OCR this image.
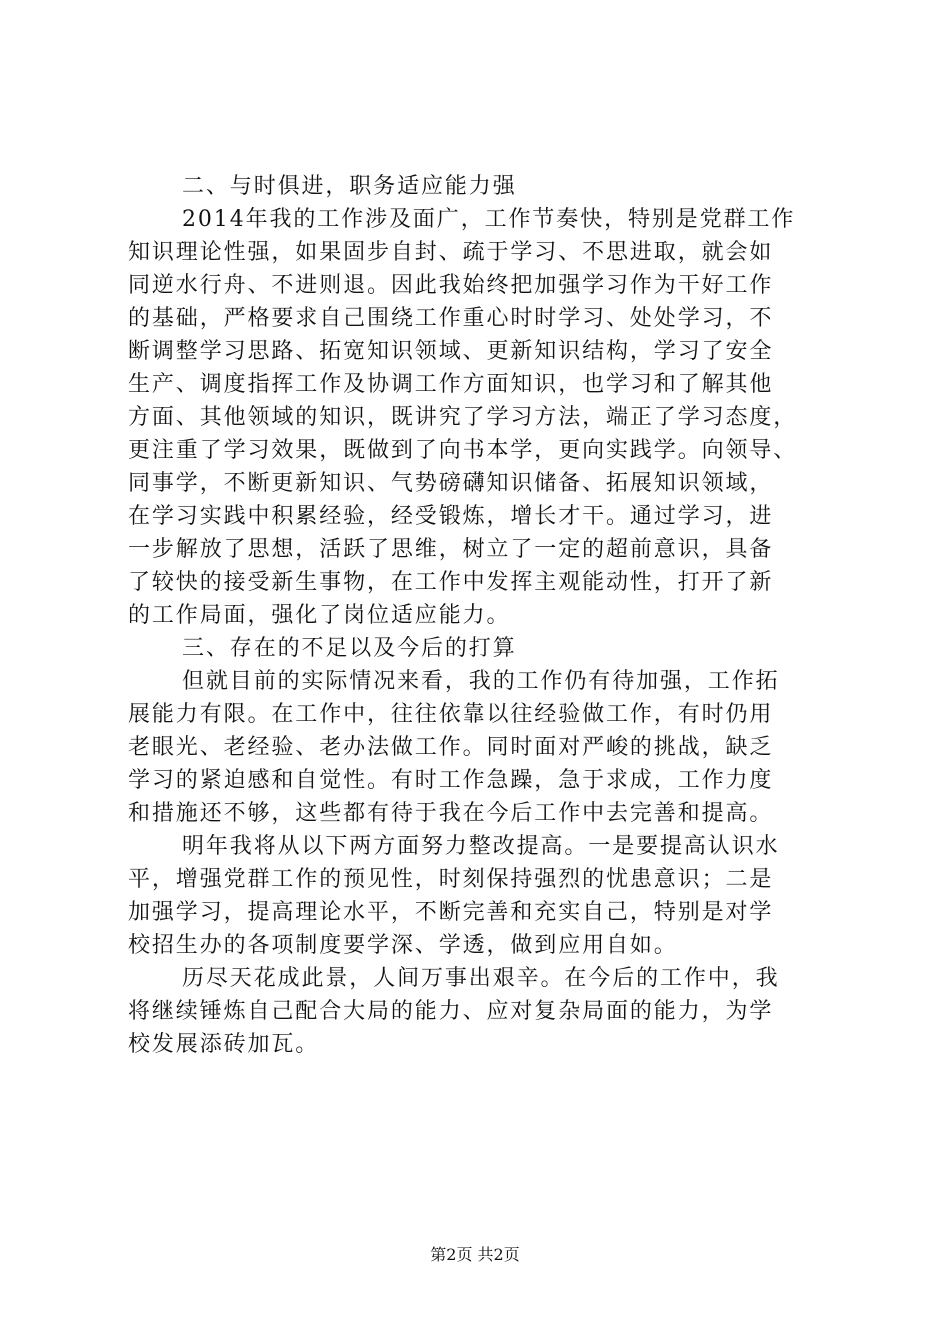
二、与时俱进，职务适应能力强
2014年我的工作涉及面广，工作节奏快，特别是党群工作
知识理论性强，如果固步自封、疏于学习、不思进取，就会如
同逆水行舟、不进则退。因此我始终把加强学习作为干好工作
的基础，严格要求自己围绕工作重心时时学习、处处学习，不
断调整学习思路、拓宽知识领域、更新知识结构，学习了安全
生产、调度指挥工作及协调工作方面知识，也学习和了解其他
方面、其他领域的知识，既讲究了学习方法，端正了学习态度，
更注重了学习效果，既做到了向书本学，更向实践学。向领导、
同事学，不断更新知识、气势磅礴知识储备、拓展知识领域，
在学习实践中积累经验，经受锻炼，增长才干。通过学习，进
一步解放了思想，活跃了思维，树立了一定的超前意识，具备
了较快的接受新生事物，在工作中发挥主观能动性，打开了新
的工作局面，强化了岗位适应能力。
三、存在的不足以及今后的打算
但就目前的实际情况来看，我的工作仍有待加强，工作拓
展能力有限。在工作中，往往依靠以往经验做工作，有时仍用
老眼光、老经验、老办法做工作。同时面对严峻的挑战，缺乏
学习的紧迫感和自觉性。有时工作急躁，急于求成，工作力度
和措施还不够，这些都有待于我在今后工作中去完善和提高。
明年我将从以下两方面努力整改提高。一是要提高认识水
平，增强党群工作的预见性，时刻保持强烈的忧患意识；二是
加强学习，提高理论水平，不断完善和充实自己，特别是对学
校招生办的各项制度要学深、学透，做到应用自如。
历尽天花成此景，人间万事出艰辛。在今后的工作中，我
将继续锤炼自己配合大局的能力、应对复杂局面的能力，为学
校发展添砖加瓦。
第2页 共2页
